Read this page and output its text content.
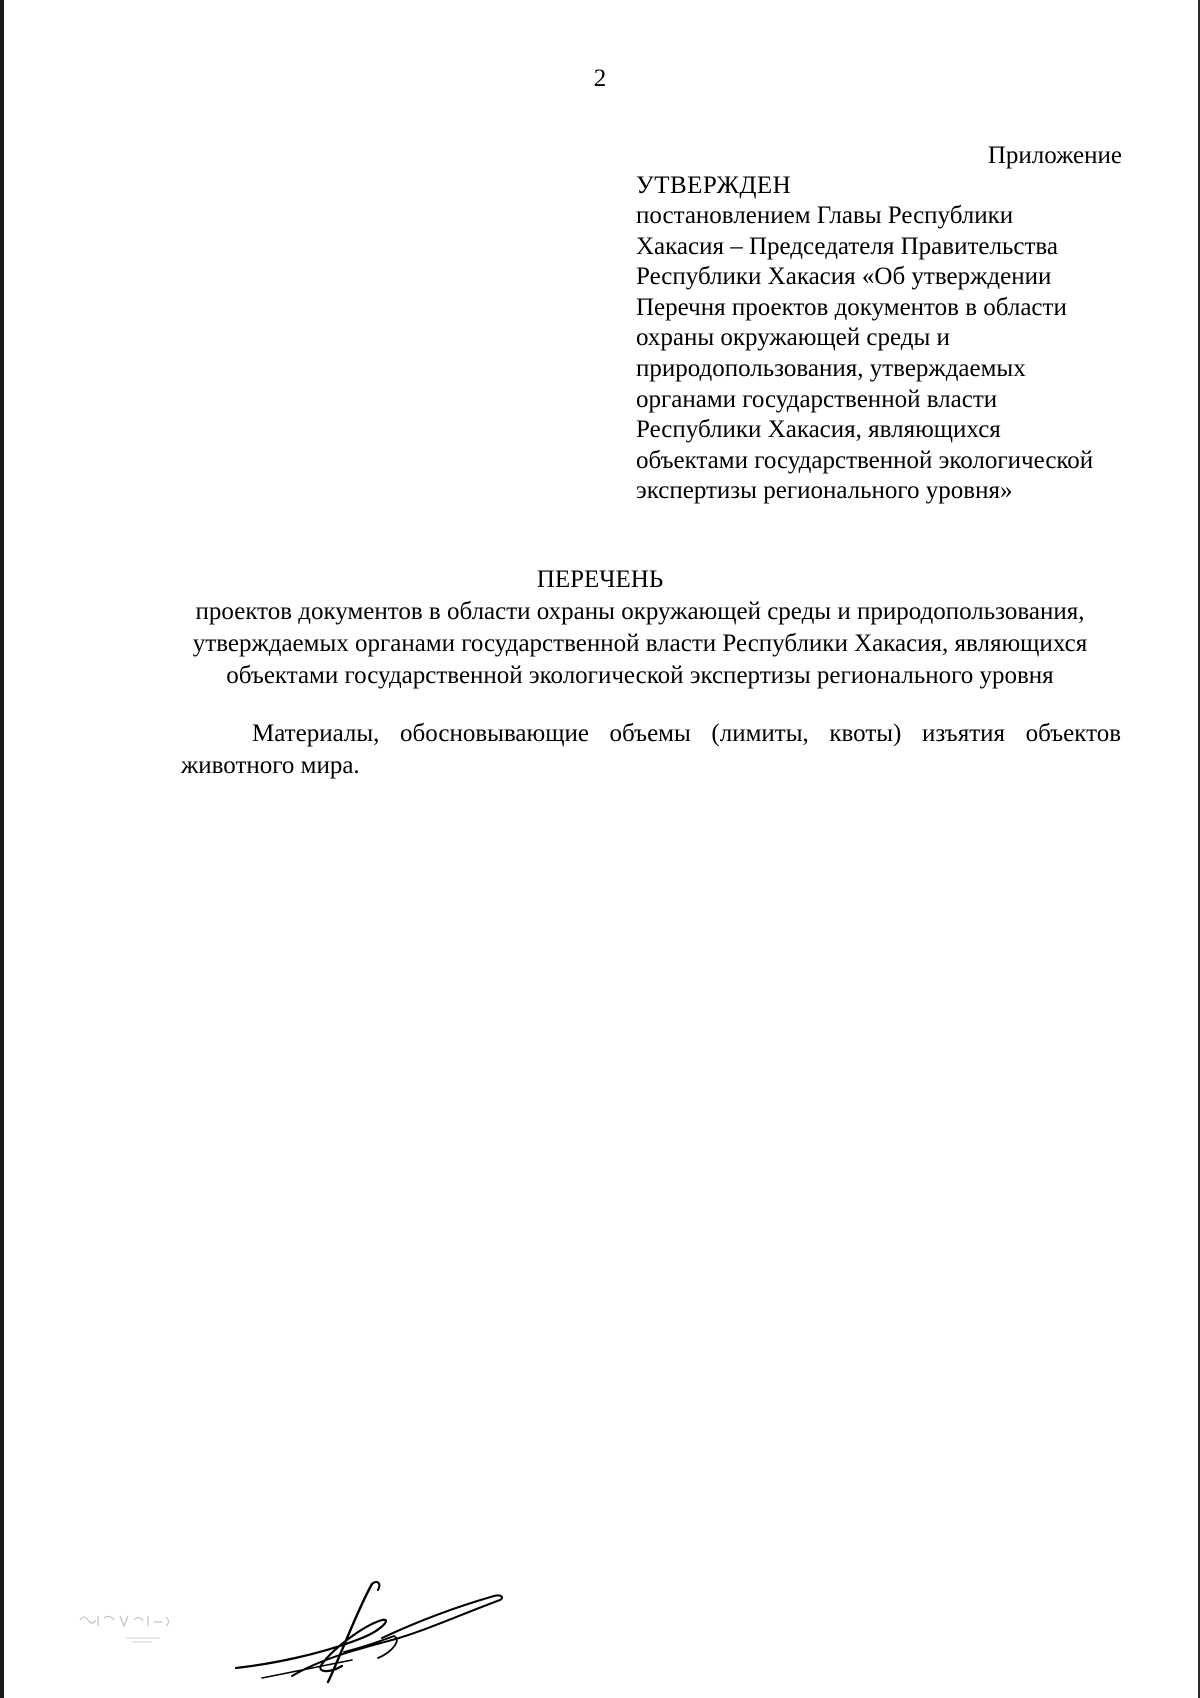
2
Приложение
УТВЕРЖДЕН
постановлением Главы Республики
Хакасия – Председателя Правительства
Республики Хакасия «Об утверждении
Перечня проектов документов в области
охраны окружающей среды и
природопользования, утверждаемых
органами государственной власти
Республики Хакасия, являющихся
объектами государственной экологической
экспертизы регионального уровня»
ПЕРЕЧЕНЬ
проектов документов в области охраны окружающей среды и природопользования,
утверждаемых органами государственной власти Республики Хакасия, являющихся
объектами государственной экологической экспертизы регионального уровня
Материалы, обосновывающие объемы (лимиты, квоты) изъятия объектов
животного мира.
